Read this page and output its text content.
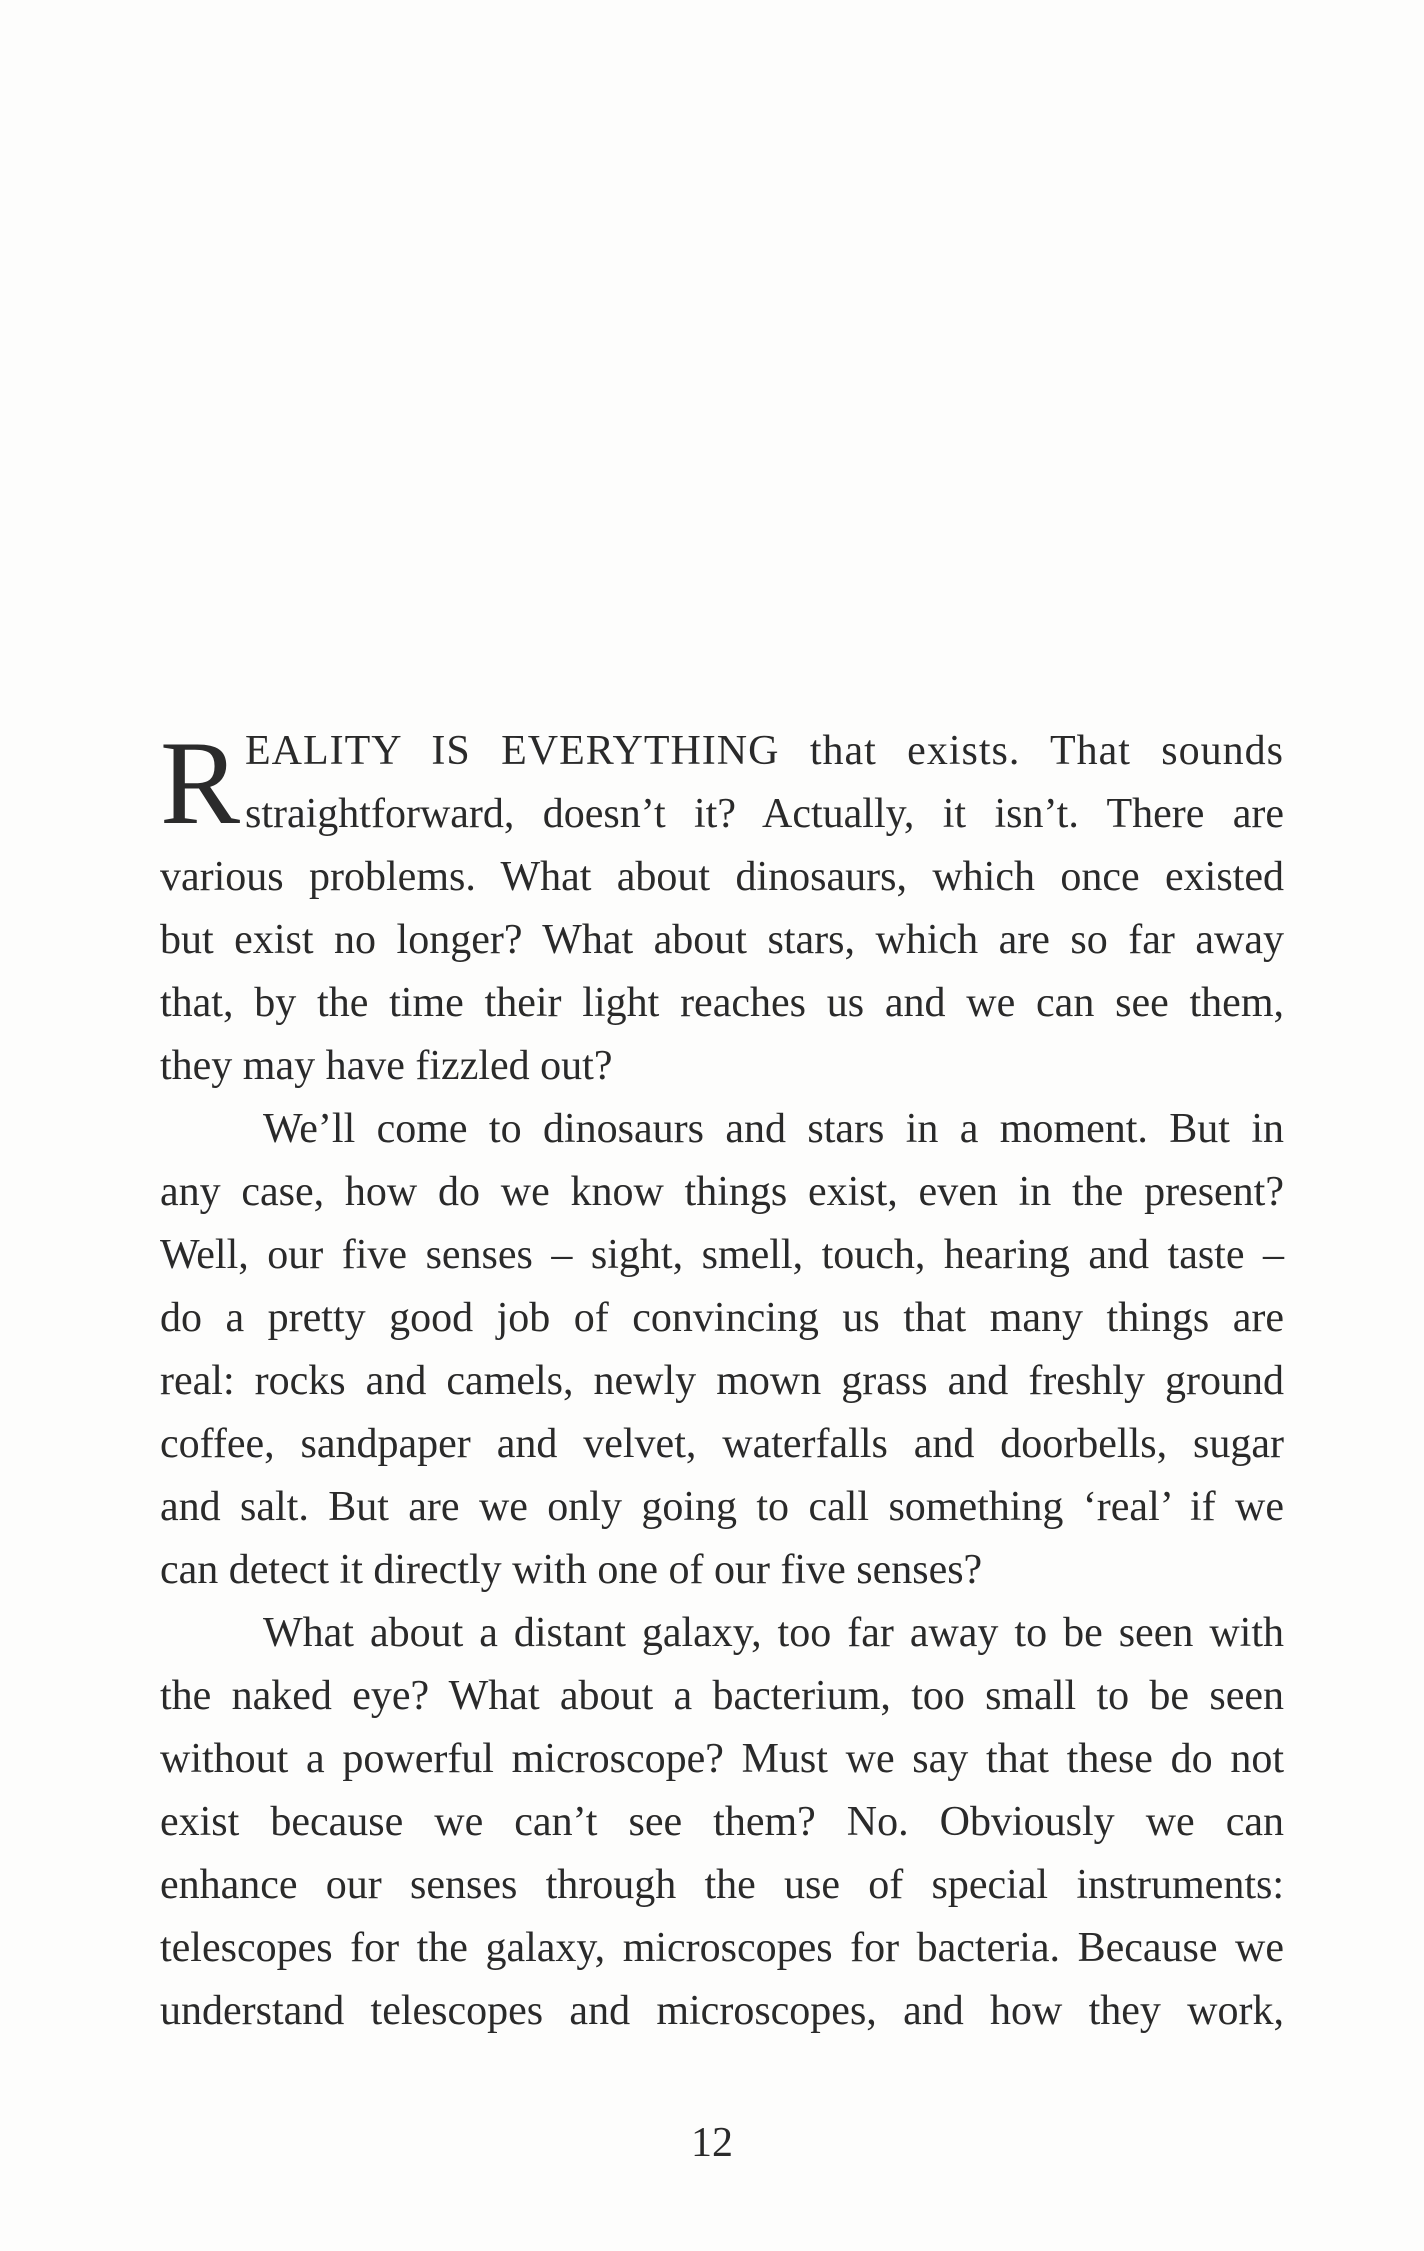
R EALITY IS EVERYTHING that exists. That sounds
straightforward, doesn’t it? Actually, it isn’t. There are
various problems. What about dinosaurs, which once existed
but exist no longer? What about stars, which are so far away
that, by the time their light reaches us and we can see them,
they may have fizzled out?
We’ll come to dinosaurs and stars in a moment. But in
any case, how do we know things exist, even in the present?
Well, our five senses – sight, smell, touch, hearing and taste –
do a pretty good job of convincing us that many things are
real: rocks and camels, newly mown grass and freshly ground
coffee, sandpaper and velvet, waterfalls and doorbells, sugar
and salt. But are we only going to call something ‘real’ if we
can detect it directly with one of our five senses?
What about a distant galaxy, too far away to be seen with
the naked eye? What about a bacterium, too small to be seen
without a powerful microscope? Must we say that these do not
exist because we can’t see them? No. Obviously we can
enhance our senses through the use of special instruments:
telescopes for the galaxy, microscopes for bacteria. Because we
understand telescopes and microscopes, and how they work,
12
